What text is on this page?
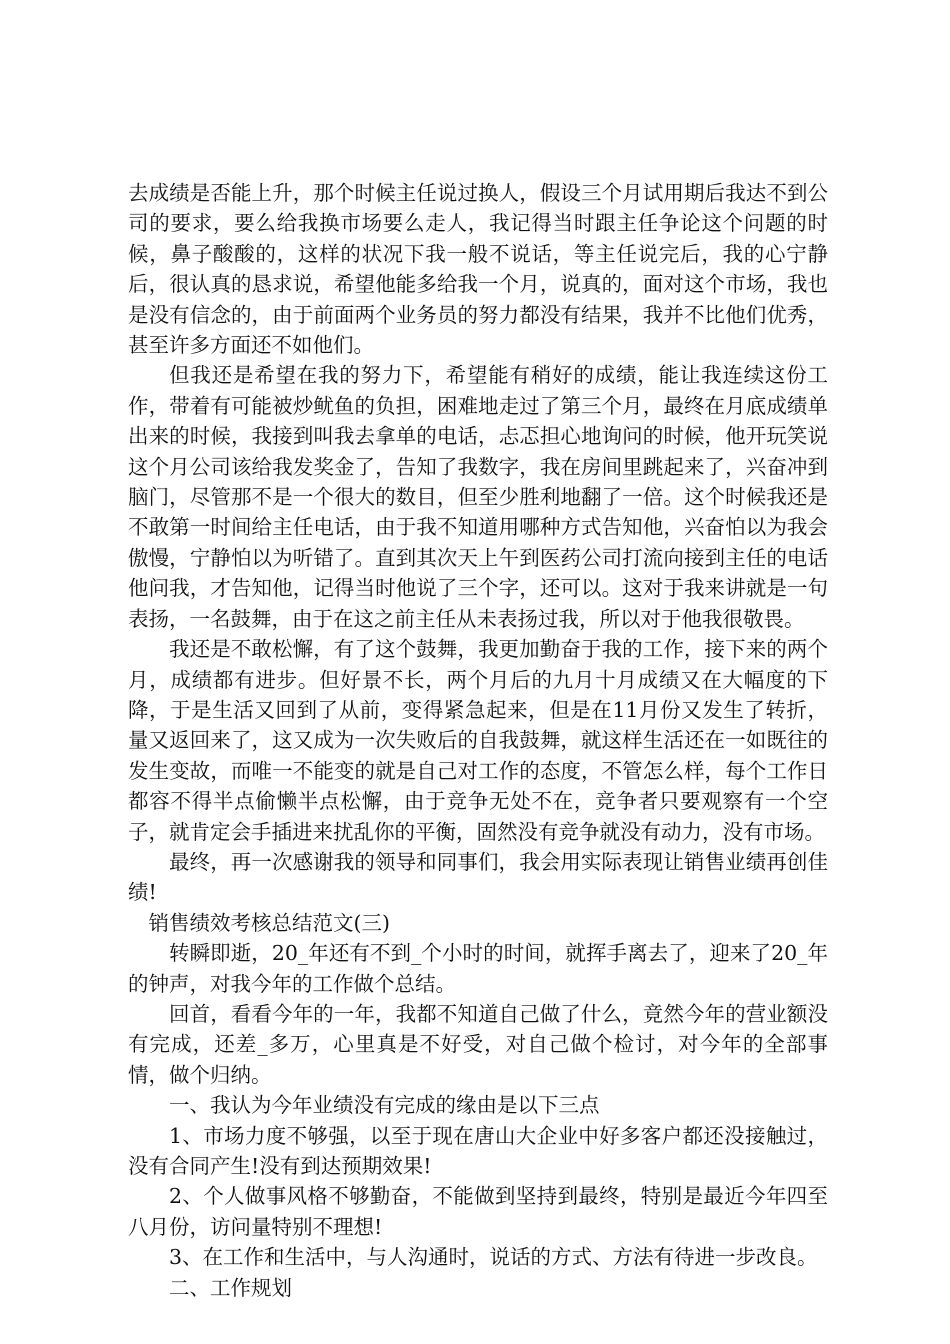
去成绩是否能上升，那个时候主任说过换人，假设三个月试用期后我达不到公司的要求，要么给我换市场要么走人，我记得当时跟主任争论这个问题的时候，鼻子酸酸的，这样的状况下我一般不说话，等主任说完后，我的心宁静后，很认真的恳求说，希望他能多给我一个月，说真的，面对这个市场，我也是没有信念的，由于前面两个业务员的努力都没有结果，我并不比他们优秀，甚至许多方面还不如他们。

但我还是希望在我的努力下，希望能有稍好的成绩，能让我连续这份工作，带着有可能被炒鱿鱼的负担，困难地走过了第三个月，最终在月底成绩单出来的时候，我接到叫我去拿单的电话，忐忑担心地询问的时候，他开玩笑说这个月公司该给我发奖金了，告知了我数字，我在房间里跳起来了，兴奋冲到脑门，尽管那不是一个很大的数目，但至少胜利地翻了一倍。这个时候我还是不敢第一时间给主任电话，由于我不知道用哪种方式告知他，兴奋怕以为我会傲慢，宁静怕以为听错了。直到其次天上午到医药公司打流向接到主任的电话他问我，才告知他，记得当时他说了三个字，还可以。这对于我来讲就是一句表扬，一名鼓舞，由于在这之前主任从未表扬过我，所以对于他我很敬畏。

我还是不敢松懈，有了这个鼓舞，我更加勤奋于我的工作，接下来的两个月，成绩都有进步。但好景不长，两个月后的九月十月成绩又在大幅度的下降，于是生活又回到了从前，变得紧急起来，但是在11月份又发生了转折，量又返回来了，这又成为一次失败后的自我鼓舞，就这样生活还在一如既往的发生变故，而唯一不能变的就是自己对工作的态度，不管怎么样，每个工作日都容不得半点偷懒半点松懈，由于竞争无处不在，竞争者只要观察有一个空子，就肯定会手插进来扰乱你的平衡，固然没有竞争就没有动力，没有市场。

最终，再一次感谢我的领导和同事们，我会用实际表现让销售业绩再创佳绩!

销售绩效考核总结范文(三)

转瞬即逝，20_年还有不到_个小时的时间，就挥手离去了，迎来了20_年的钟声，对我今年的工作做个总结。

回首，看看今年的一年，我都不知道自己做了什么，竟然今年的营业额没有完成，还差_多万，心里真是不好受，对自己做个检讨，对今年的全部事情，做个归纳。

一、我认为今年业绩没有完成的缘由是以下三点

1、市场力度不够强，以至于现在唐山大企业中好多客户都还没接触过，没有合同产生!没有到达预期效果!

2、个人做事风格不够勤奋，不能做到坚持到最终，特别是最近今年四至八月份，访问量特别不理想!

3、在工作和生活中，与人沟通时，说话的方式、方法有待进一步改良。

二、工作规划
